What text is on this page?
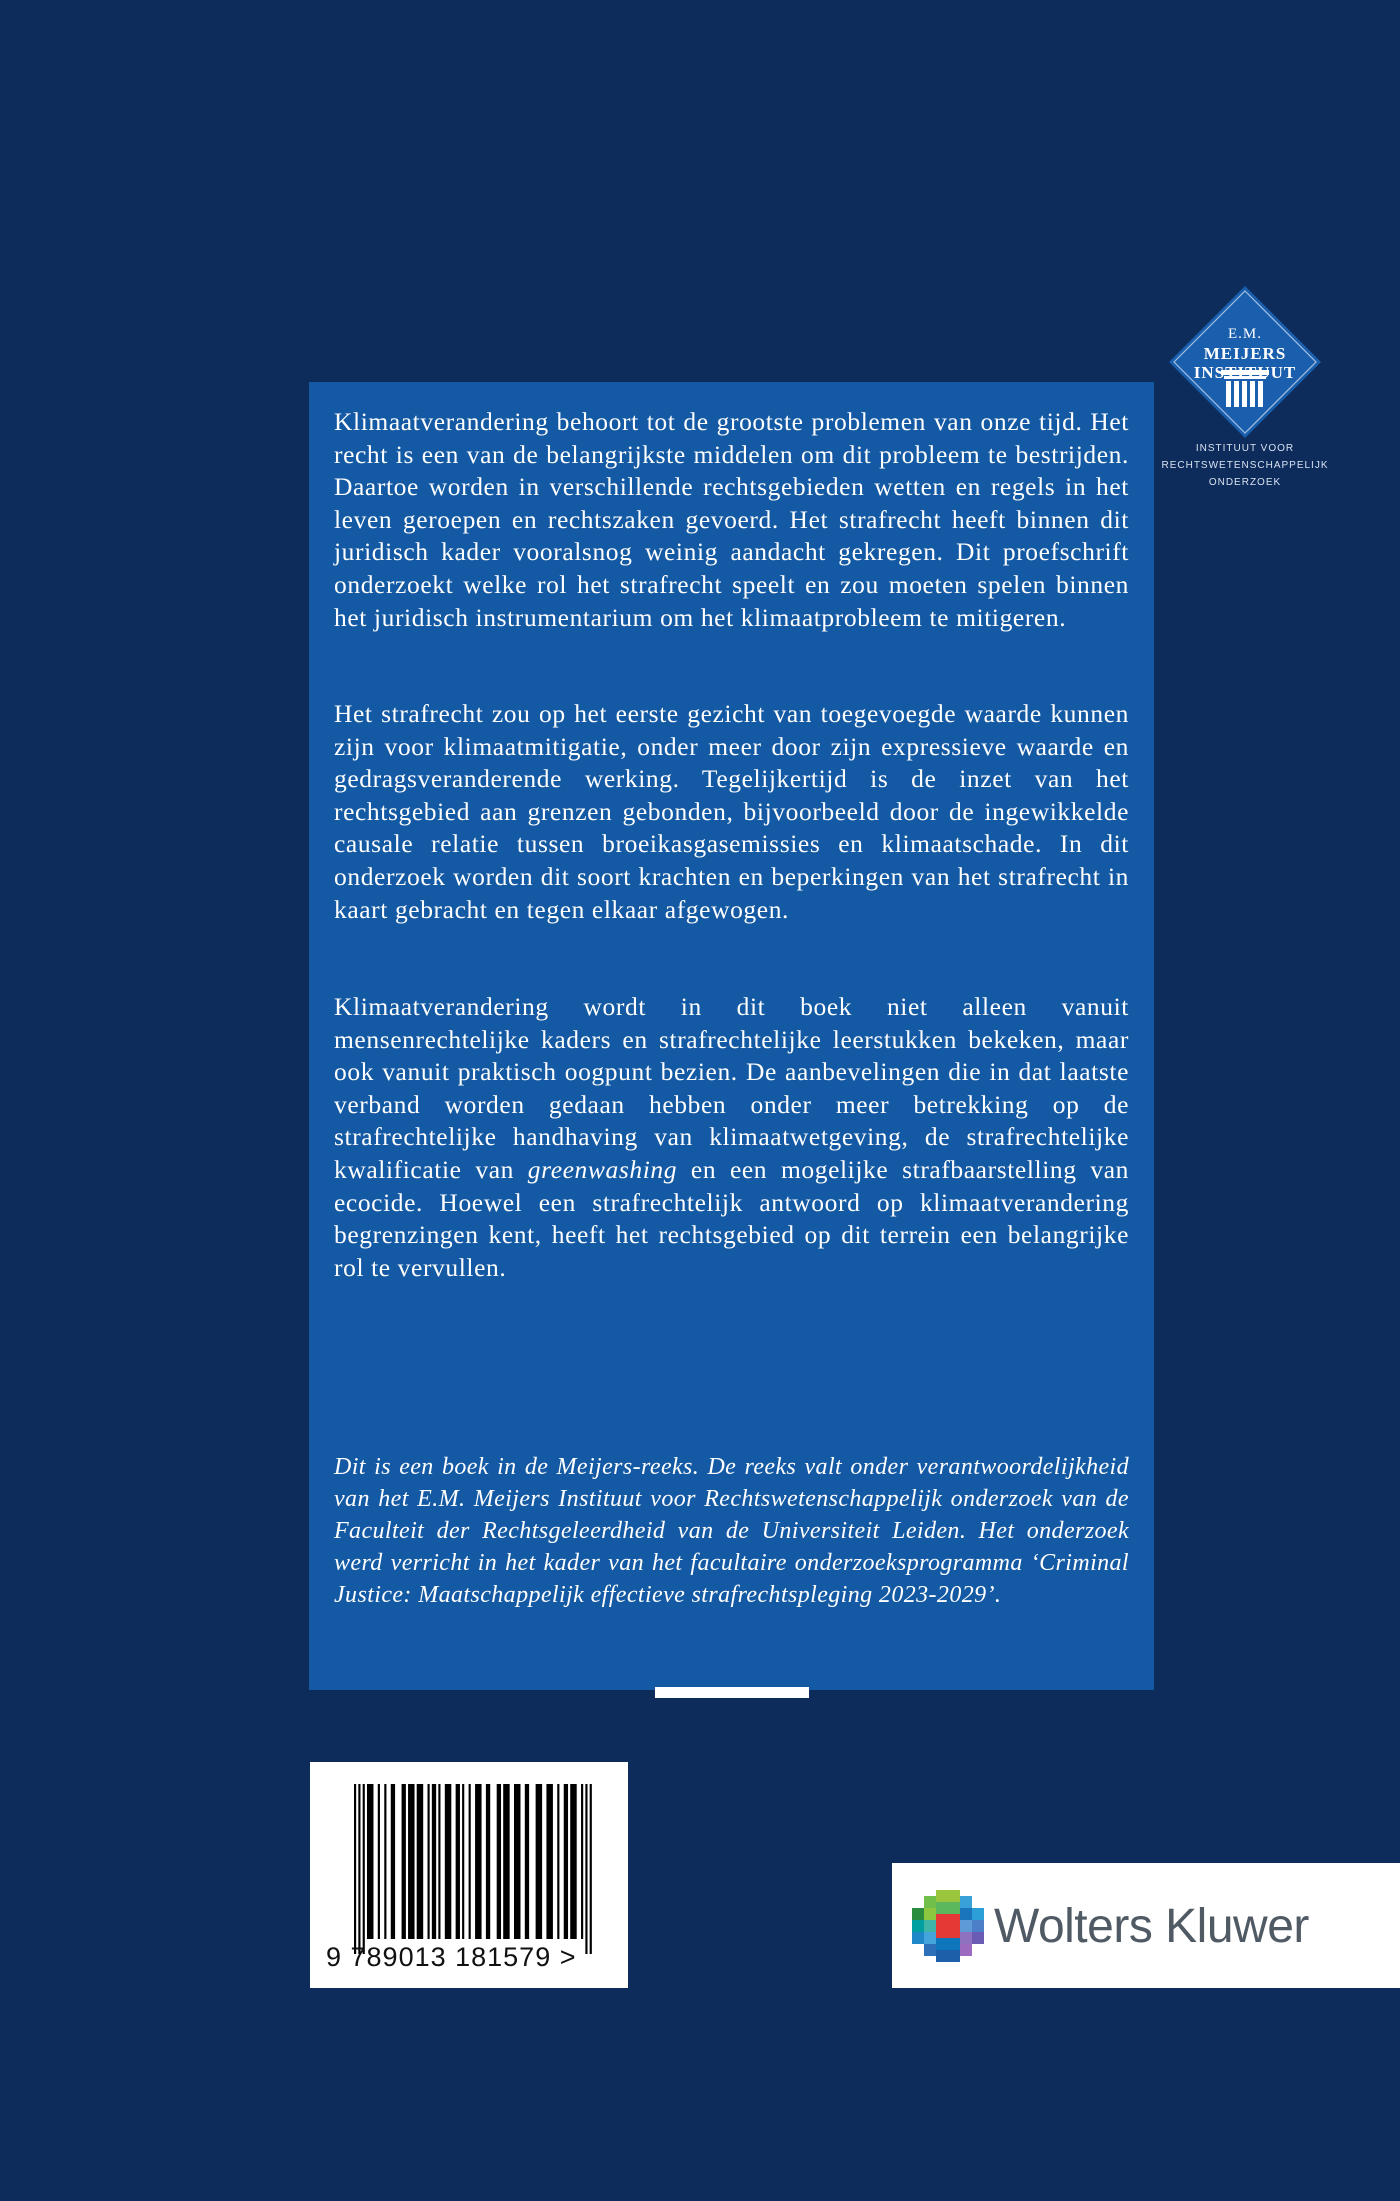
E.M.
MEIJERS
INSTITUUT
INSTITUUT VOOR
RECHTSWETENSCHAPPELIJK
ONDERZOEK

Klimaatverandering behoort tot de grootste problemen van onze tijd. Het recht is een van de belangrijkste middelen om dit probleem te bestrijden. Daartoe worden in verschillende rechtsgebieden wetten en regels in het leven geroepen en rechtszaken gevoerd. Het strafrecht heeft binnen dit juridisch kader vooralsnog weinig aandacht gekregen. Dit proefschrift onderzoekt welke rol het strafrecht speelt en zou moeten spelen binnen het juridisch instrumentarium om het klimaatprobleem te mitigeren.

Het strafrecht zou op het eerste gezicht van toegevoegde waarde kunnen zijn voor klimaatmitigatie, onder meer door zijn expressieve waarde en gedragsveranderende werking. Tegelijkertijd is de inzet van het rechtsgebied aan grenzen gebonden, bijvoorbeeld door de ingewikkelde causale relatie tussen broeikasgasemissies en klimaatschade. In dit onderzoek worden dit soort krachten en beperkingen van het strafrecht in kaart gebracht en tegen elkaar afgewogen.

Klimaatverandering wordt in dit boek niet alleen vanuit mensenrechtelijke kaders en strafrechtelijke leerstukken bekeken, maar ook vanuit praktisch oogpunt bezien. De aanbevelingen die in dat laatste verband worden gedaan hebben onder meer betrekking op de strafrechtelijke handhaving van klimaatwetgeving, de strafrechtelijke kwalificatie van greenwashing en een mogelijke strafbaarstelling van ecocide. Hoewel een strafrechtelijk antwoord op klimaatverandering begrenzingen kent, heeft het rechtsgebied op dit terrein een belangrijke rol te vervullen.

Dit is een boek in de Meijers-reeks. De reeks valt onder verantwoordelijkheid van het E.M. Meijers Instituut voor Rechtswetenschappelijk onderzoek van de Faculteit der Rechtsgeleerdheid van de Universiteit Leiden. Het onderzoek werd verricht in het kader van het facultaire onderzoeksprogramma ‘Criminal Justice: Maatschappelijk effectieve strafrechtspleging 2023-2029’.

9 789013 181579 >
Wolters Kluwer
